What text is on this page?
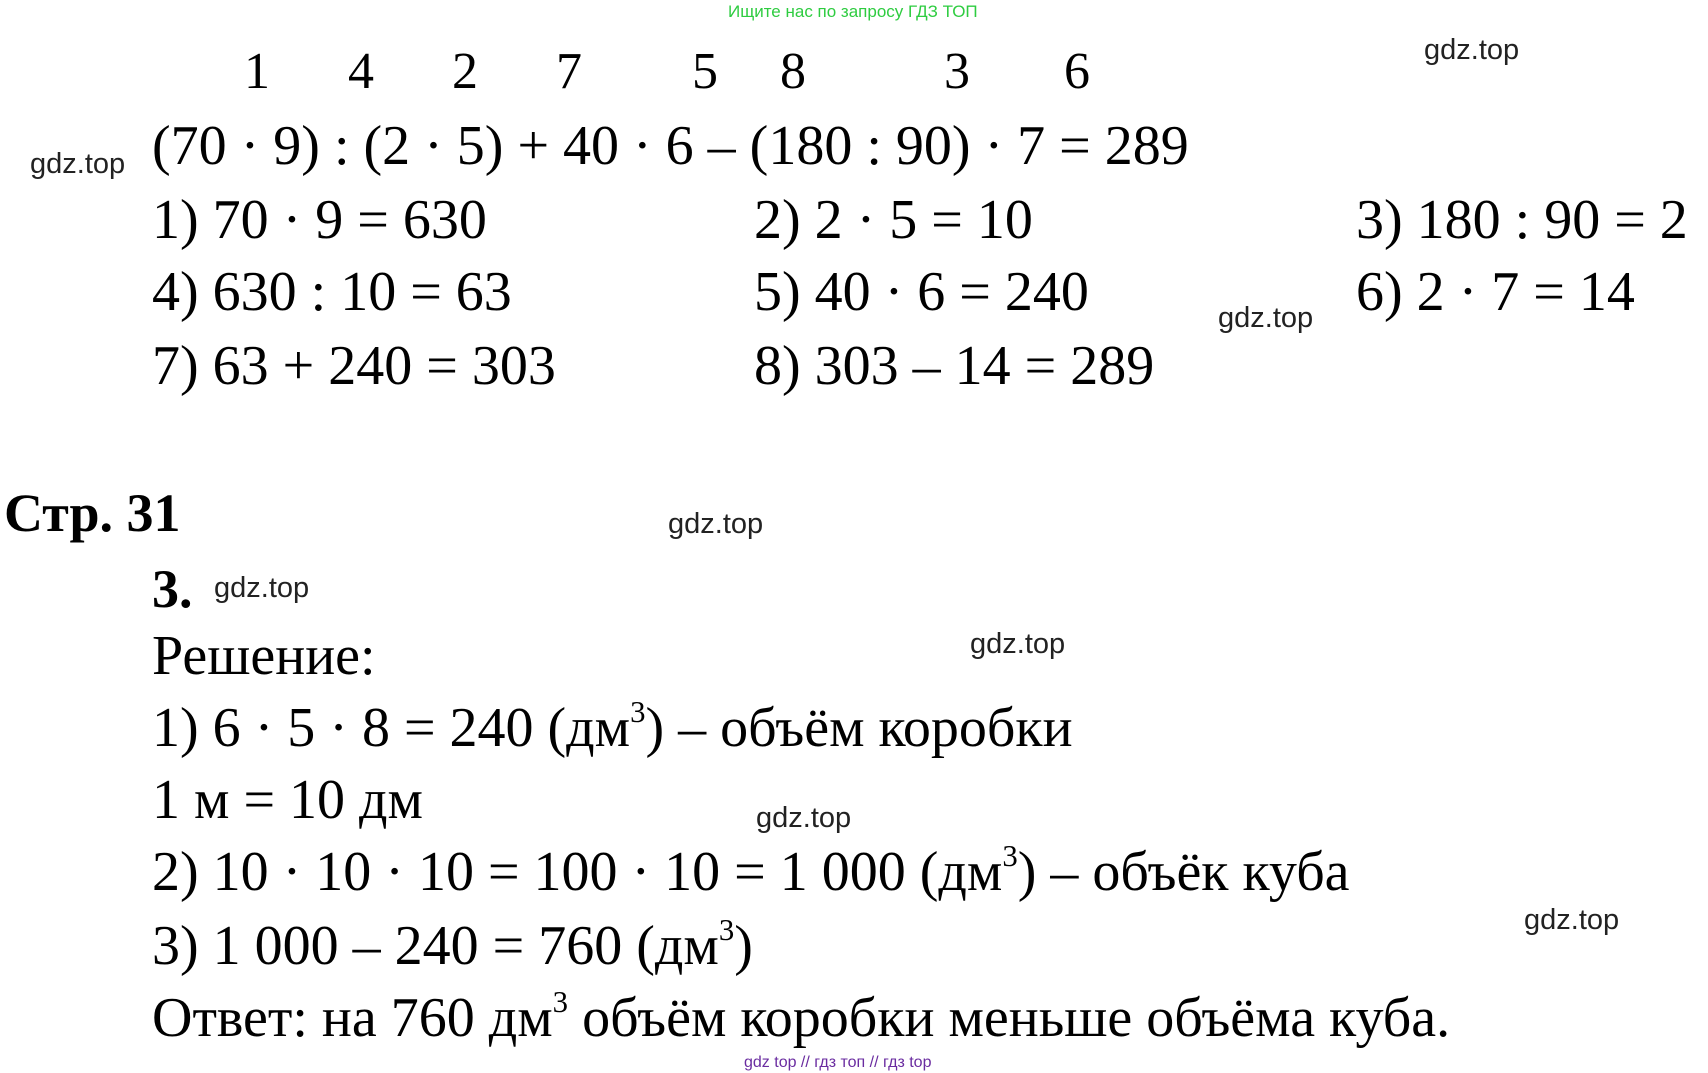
Ищите нас по запросу ГДЗ ТОП
1 4 2 7 5 8	3 6	gdz.top
gdz.top
gdz.top
gdz.top
gdz.top
gdz.top
gdz.top
gdz.top
(70 · 9) : (2 · 5) + 40 · 6 – (180 : 90) · 7 = 289
1) 70 · 9 = 630	2) 2 · 5 = 10	3) 180 : 90 = 2
4) 630 : 10 = 63	5) 40 · 6 = 240	6) 2 · 7 = 14
7) 63 + 240 = 303	8) 303 – 14 = 289
Стр. 31
3.
Решение:
1) 6 · 5 · 8 = 240 $(дм^3)$ – объём коробки
1 м = 10 дм
2) 10 · 10 · 10 = 100 · 10 = 1 000 $(дм^3)$ – объёк куба
3) 1 000 – 240 = 760 $(дм^3)$
Ответ: на 760 $дм^3$ объём коробки меньше объёма куба.
gdz top // гдз топ // гдз top
